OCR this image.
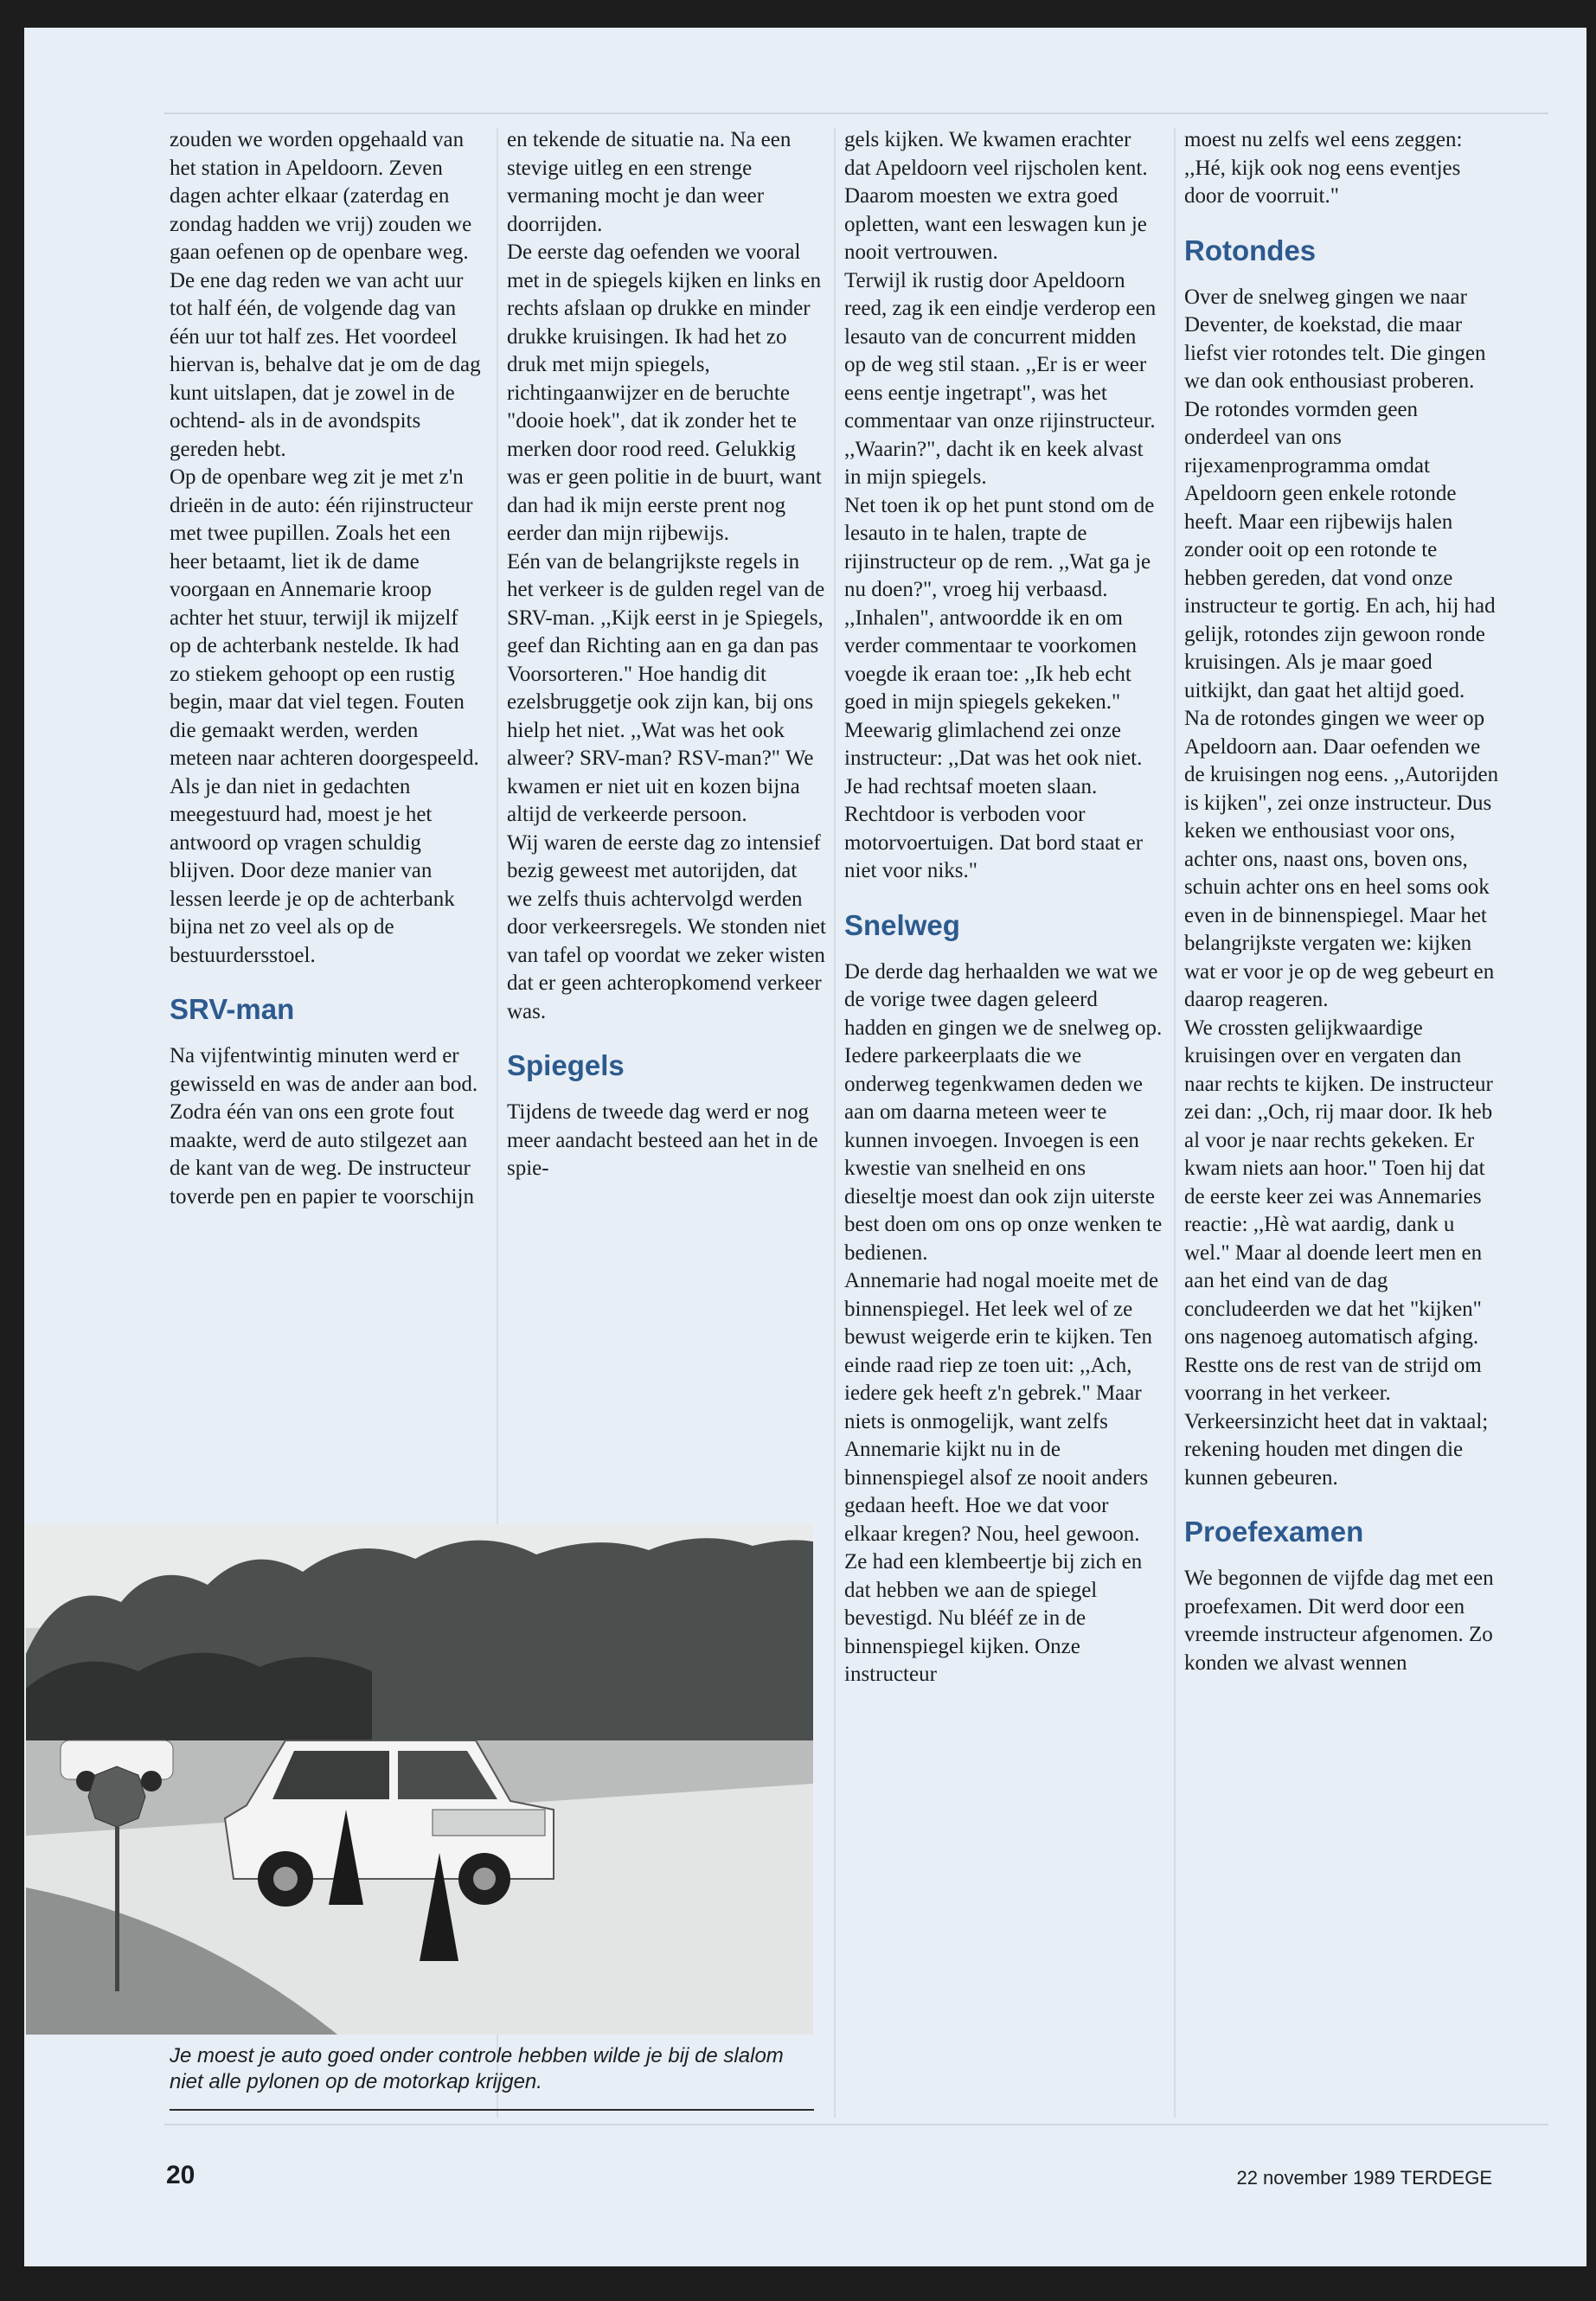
zouden we worden opgehaald van het station in Apeldoorn. Zeven dagen achter elkaar (zaterdag en zondag hadden we vrij) zouden we gaan oefenen op de openbare weg. De ene dag reden we van acht uur tot half één, de volgende dag van één uur tot half zes. Het voordeel hiervan is, behalve dat je om de dag kunt uitslapen, dat je zowel in de ochtend- als in de avondspits gereden hebt.

Op de openbare weg zit je met z'n drieën in de auto: één rijinstructeur met twee pupillen. Zoals het een heer betaamt, liet ik de dame voorgaan en Annemarie kroop achter het stuur, terwijl ik mijzelf op de achterbank nestelde. Ik had zo stiekem gehoopt op een rustig begin, maar dat viel tegen. Fouten die gemaakt werden, werden meteen naar achteren doorgespeeld. Als je dan niet in gedachten meegestuurd had, moest je het antwoord op vragen schuldig blijven. Door deze manier van lessen leerde je op de achterbank bijna net zo veel als op de bestuurdersstoel.

SRV-man

Na vijfentwintig minuten werd er gewisseld en was de ander aan bod. Zodra één van ons een grote fout maakte, werd de auto stilgezet aan de kant van de weg. De instructeur toverde pen en papier te voorschijn

en tekende de situatie na. Na een stevige uitleg en een strenge vermaning mocht je dan weer doorrijden.

De eerste dag oefenden we vooral met in de spiegels kijken en links en rechts afslaan op drukke en minder drukke kruisingen. Ik had het zo druk met mijn spiegels, richtingaanwijzer en de beruchte "dooie hoek", dat ik zonder het te merken door rood reed. Gelukkig was er geen politie in de buurt, want dan had ik mijn eerste prent nog eerder dan mijn rijbewijs.

Eén van de belangrijkste regels in het verkeer is de gulden regel van de SRV-man. ,,Kijk eerst in je Spiegels, geef dan Richting aan en ga dan pas Voorsorteren." Hoe handig dit ezelsbruggetje ook zijn kan, bij ons hielp het niet. ,,Wat was het ook alweer? SRV-man? RSV-man?" We kwamen er niet uit en kozen bijna altijd de verkeerde persoon.

Wij waren de eerste dag zo intensief bezig geweest met autorijden, dat we zelfs thuis achtervolgd werden door verkeersregels. We stonden niet van tafel op voordat we zeker wisten dat er geen achteropkomend verkeer was.

Spiegels

Tijdens de tweede dag werd er nog meer aandacht besteed aan het in de spie-

gels kijken. We kwamen erachter dat Apeldoorn veel rijscholen kent. Daarom moesten we extra goed opletten, want een leswagen kun je nooit vertrouwen.

Terwijl ik rustig door Apeldoorn reed, zag ik een eindje verderop een lesauto van de concurrent midden op de weg stil staan. ,,Er is er weer eens eentje ingetrapt", was het commentaar van onze rijinstructeur. ,,Waarin?", dacht ik en keek alvast in mijn spiegels.

Net toen ik op het punt stond om de lesauto in te halen, trapte de rijinstructeur op de rem. ,,Wat ga je nu doen?", vroeg hij verbaasd. ,,Inhalen", antwoordde ik en om verder commentaar te voorkomen voegde ik eraan toe: ,,Ik heb echt goed in mijn spiegels gekeken." Meewarig glimlachend zei onze instructeur: ,,Dat was het ook niet. Je had rechtsaf moeten slaan. Rechtdoor is verboden voor motorvoertuigen. Dat bord staat er niet voor niks."

Snelweg

De derde dag herhaalden we wat we de vorige twee dagen geleerd hadden en gingen we de snelweg op. Iedere parkeerplaats die we onderweg tegenkwamen deden we aan om daarna meteen weer te kunnen invoegen. Invoegen is een kwestie van snelheid en ons dieseltje moest dan ook zijn uiterste best doen om ons op onze wenken te bedienen.

Annemarie had nogal moeite met de binnenspiegel. Het leek wel of ze bewust weigerde erin te kijken. Ten einde raad riep ze toen uit: ,,Ach, iedere gek heeft z'n gebrek." Maar niets is onmogelijk, want zelfs Annemarie kijkt nu in de binnenspiegel alsof ze nooit anders gedaan heeft. Hoe we dat voor elkaar kregen? Nou, heel gewoon. Ze had een klembeertje bij zich en dat hebben we aan de spiegel bevestigd. Nu blééf ze in de binnenspiegel kijken. Onze instructeur

moest nu zelfs wel eens zeggen: ,,Hé, kijk ook nog eens eventjes door de voorruit."

Rotondes

Over de snelweg gingen we naar Deventer, de koekstad, die maar liefst vier rotondes telt. Die gingen we dan ook enthousiast proberen. De rotondes vormden geen onderdeel van ons rijexamenprogramma omdat Apeldoorn geen enkele rotonde heeft. Maar een rijbewijs halen zonder ooit op een rotonde te hebben gereden, dat vond onze instructeur te gortig. En ach, hij had gelijk, rotondes zijn gewoon ronde kruisingen. Als je maar goed uitkijkt, dan gaat het altijd goed.

Na de rotondes gingen we weer op Apeldoorn aan. Daar oefenden we de kruisingen nog eens. ,,Autorijden is kijken", zei onze instructeur. Dus keken we enthousiast voor ons, achter ons, naast ons, boven ons, schuin achter ons en heel soms ook even in de binnenspiegel. Maar het belangrijkste vergaten we: kijken wat er voor je op de weg gebeurt en daarop reageren.

We crossten gelijkwaardige kruisingen over en vergaten dan naar rechts te kijken. De instructeur zei dan: ,,Och, rij maar door. Ik heb al voor je naar rechts gekeken. Er kwam niets aan hoor." Toen hij dat de eerste keer zei was Annemaries reactie: ,,Hè wat aardig, dank u wel." Maar al doende leert men en aan het eind van de dag concludeerden we dat het "kijken" ons nagenoeg automatisch afging.

Restte ons de rest van de strijd om voorrang in het verkeer. Verkeersinzicht heet dat in vaktaal; rekening houden met dingen die kunnen gebeuren.

Proefexamen

We begonnen de vijfde dag met een proefexamen. Dit werd door een vreemde instructeur afgenomen. Zo konden we alvast wennen

Je moest je auto goed onder controle hebben wilde je bij de slalom niet alle pylonen op de motorkap krijgen.
20	22 november 1989 TERDEGE
